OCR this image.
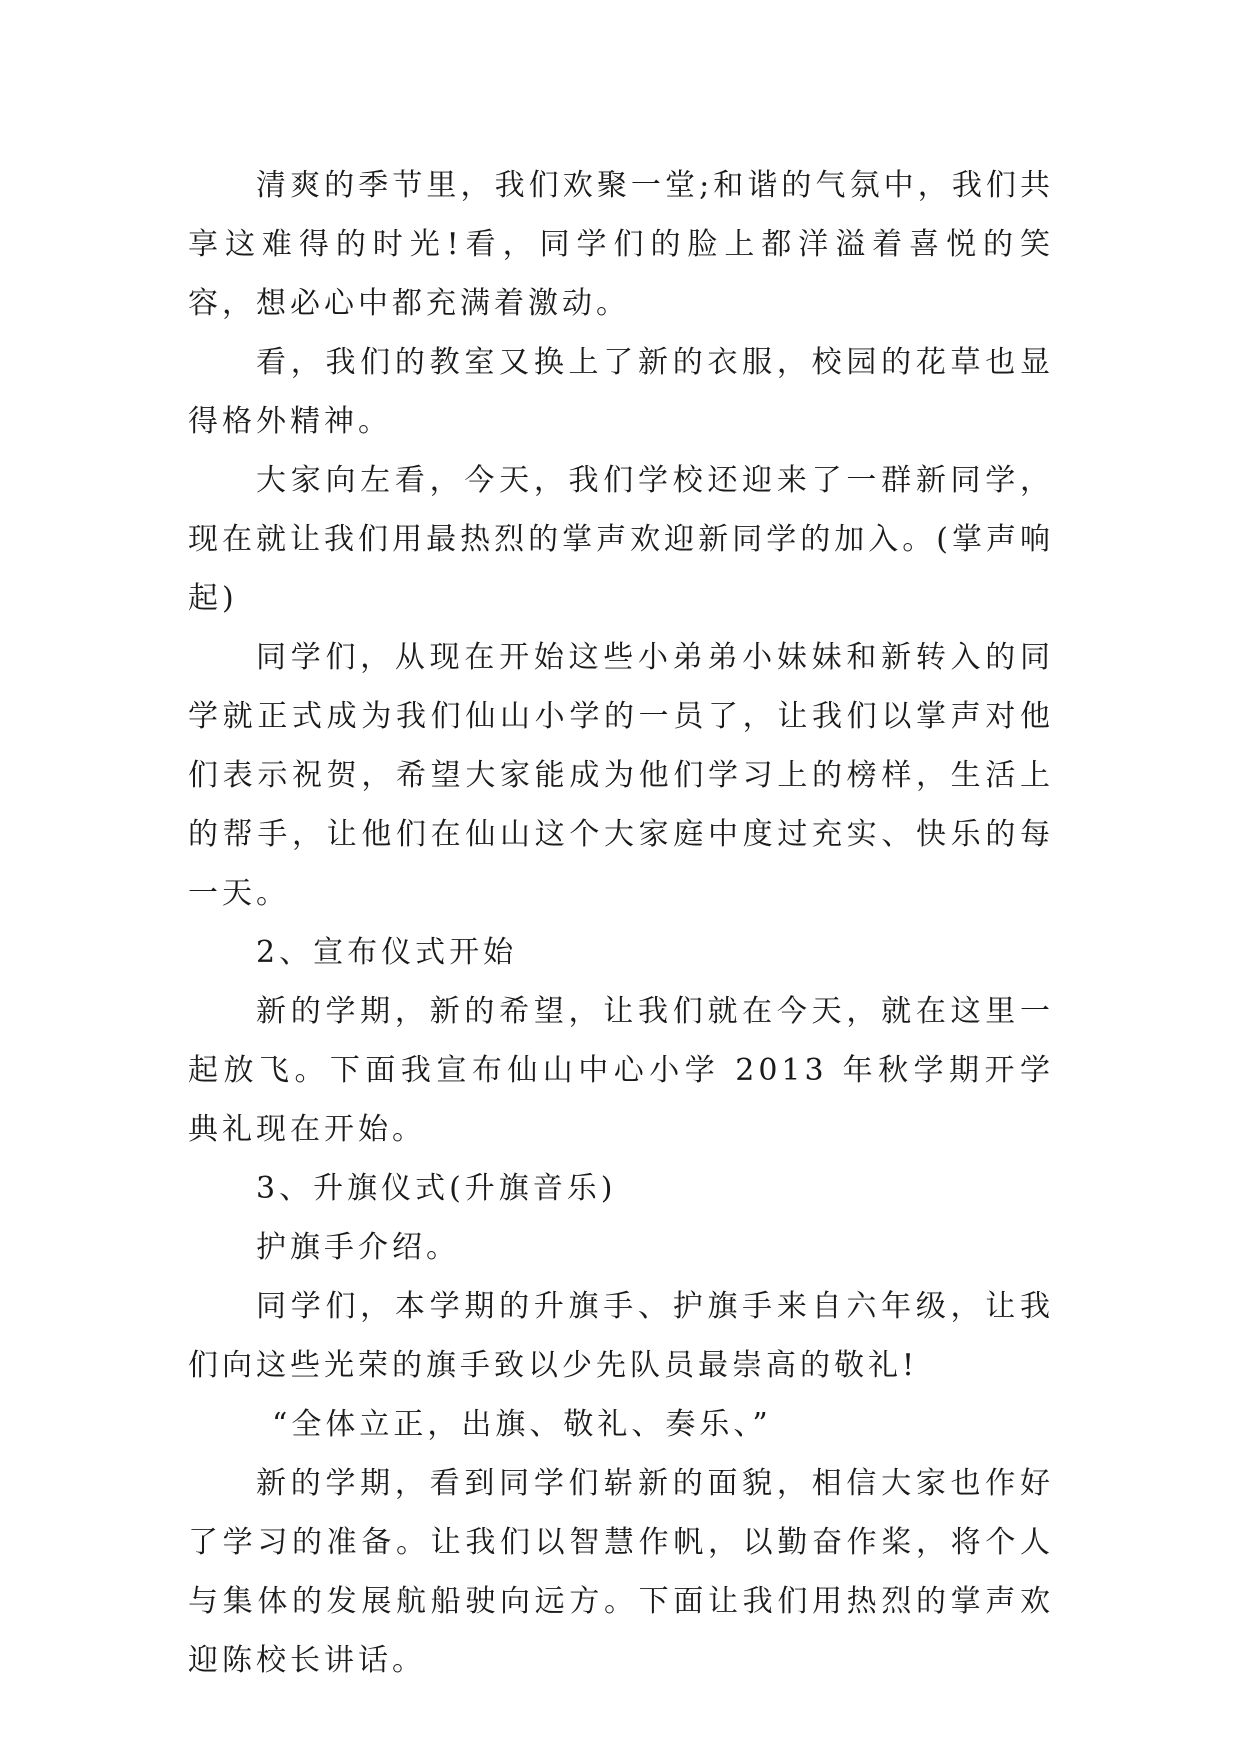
清爽的季节里，我们欢聚一堂;和谐的气氛中，我们共享这难得的时光!看，同学们的脸上都洋溢着喜悦的笑容，想必心中都充满着激动。

看，我们的教室又换上了新的衣服，校园的花草也显得格外精神。

大家向左看，今天，我们学校还迎来了一群新同学，现在就让我们用最热烈的掌声欢迎新同学的加入。(掌声响起)

同学们，从现在开始这些小弟弟小妹妹和新转入的同学就正式成为我们仙山小学的一员了，让我们以掌声对他们表示祝贺，希望大家能成为他们学习上的榜样，生活上的帮手，让他们在仙山这个大家庭中度过充实、快乐的每一天。

2、宣布仪式开始

新的学期，新的希望，让我们就在今天，就在这里一起放飞。下面我宣布仙山中心小学 2013 年秋学期开学典礼现在开始。

3、升旗仪式(升旗音乐)

护旗手介绍。

同学们，本学期的升旗手、护旗手来自六年级，让我们向这些光荣的旗手致以少先队员最崇高的敬礼!

“全体立正，出旗、敬礼、奏乐、”

新的学期，看到同学们崭新的面貌，相信大家也作好了学习的准备。让我们以智慧作帆，以勤奋作桨，将个人与集体的发展航船驶向远方。下面让我们用热烈的掌声欢迎陈校长讲话。
